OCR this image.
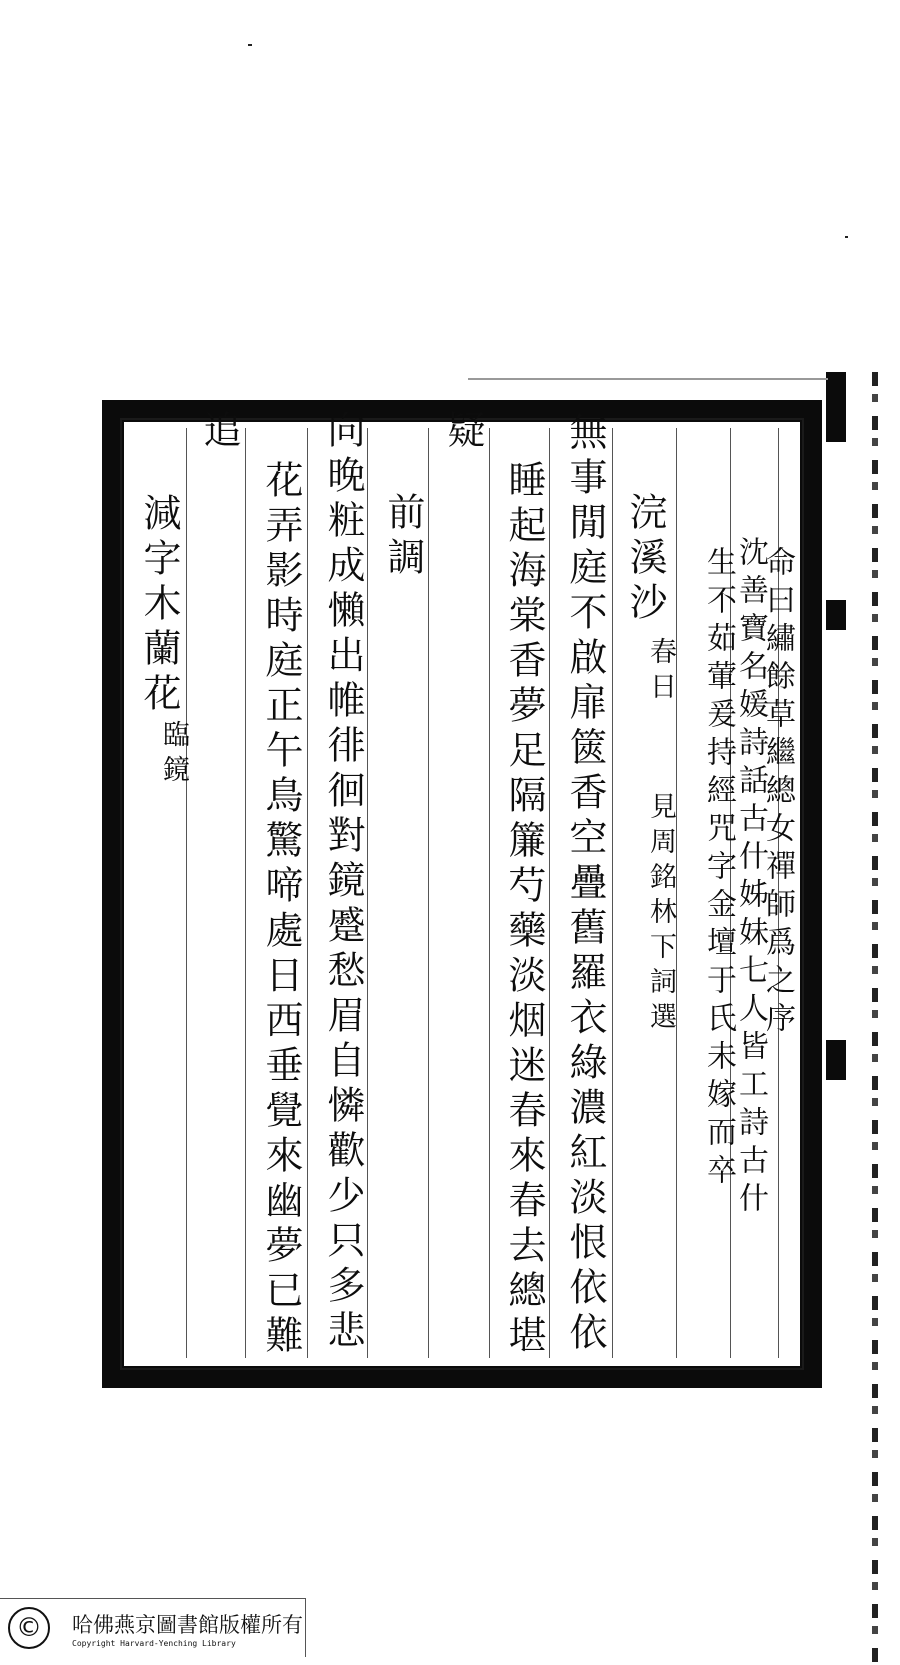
命曰繡餘草繼總女禪師爲之序
沈善寶名媛詩話古什姊妹七人皆工詩古什
生不茹葷爰持經咒字金壇于氏未嫁而卒
浣溪沙
春日
見周銘林下詞選
無事閒庭不啟扉篋香空疊舊羅衣綠濃紅淡恨依依
睡起海棠香夢足隔簾芍藥淡烟迷春來春去總堪
疑
前調
向晚粧成懶出帷徘徊對鏡蹙愁眉自憐歡少只多悲
花弄影時庭正午鳥驚啼處日西垂覺來幽夢已難
追
減字木蘭花
臨鏡
©	哈佛燕京圖書館版權所有
Copyright Harvard-Yenching Library
